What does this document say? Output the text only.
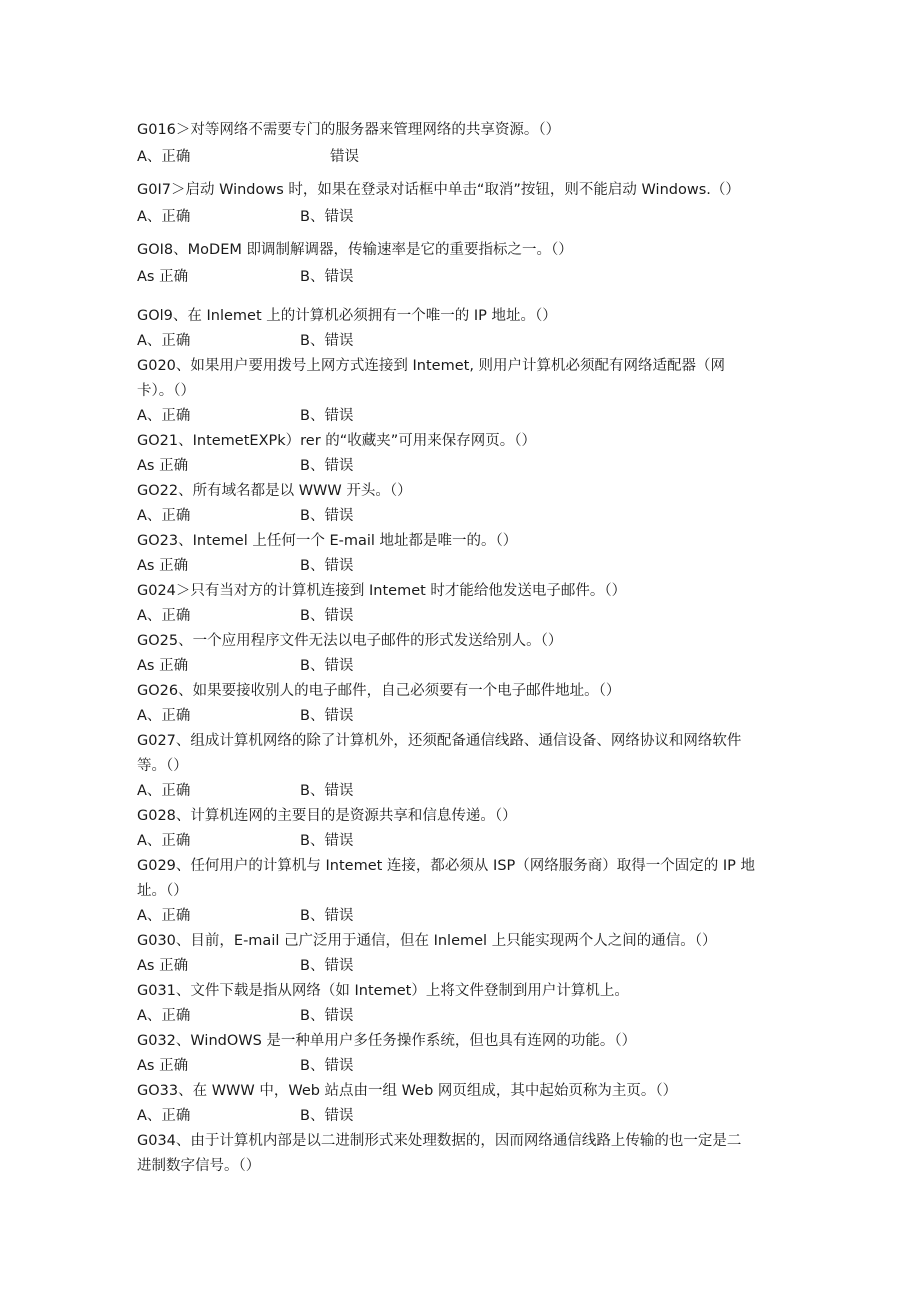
G016＞对等网络不需要专门的服务器来管理网络的共享资源。（）
A、正确	错误
G0I7＞启动 Windows 时，如果在登录对话框中单击“取消”按钮，则不能启动 Windows.（）
A、正确	B、错误
GOI8、MoDEM 即调制解调器，传输速率是它的重要指标之一。（）
As 正确	B、错误
GOl9、在 Inlemet 上的计算机必须拥有一个唯一的 IP 地址。（）
A、正确	B、错误
G020、如果用户要用拨号上网方式连接到 Intemet, 则用户计算机必须配有网络适配器（网
卡）。（）
A、正确	B、错误
GO21、IntemetEXPk）rer 的“收藏夹”可用来保存网页。（）
As 正确	B、错误
GO22、所有域名都是以 WWW 开头。（）
A、正确	B、错误
GO23、Intemel 上任何一个 E-mail 地址都是唯一的。（）
As 正确	B、错误
G024＞只有当对方的计算机连接到 Intemet 时才能给他发送电子邮件。（）
A、正确	B、错误
GO25、一个应用程序文件无法以电子邮件的形式发送给别人。（）
As 正确	B、错误
GO26、如果要接收别人的电子邮件，自己必须要有一个电子邮件地址。（）
A、正确	B、错误
G027、组成计算机网络的除了计算机外，还须配备通信线路、通信设备、网络协议和网络软件
等。（）
A、正确	B、错误
G028、计算机连网的主要目的是资源共享和信息传递。（）
A、正确	B、错误
G029、任何用户的计算机与 Intemet 连接，都必须从 ISP（网络服务商）取得一个固定的 IP 地
址。（）
A、正确	B、错误
G030、目前，E-mail 己广泛用于通信，但在 Inlemel 上只能实现两个人之间的通信。（）
As 正确	B、错误
G031、文件下载是指从网络（如 Intemet）上将文件登制到用户计算机上。
A、正确	B、错误
G032、WindOWS 是一种单用户多任务操作系统，但也具有连网的功能。（）
As 正确	B、错误
GO33、在 WWW 中，Web 站点由一组 Web 网页组成，其中起始页称为主页。（）
A、正确	B、错误
G034、由于计算机内部是以二进制形式来处理数据的，因而网络通信线路上传输的也一定是二
进制数字信号。（）
